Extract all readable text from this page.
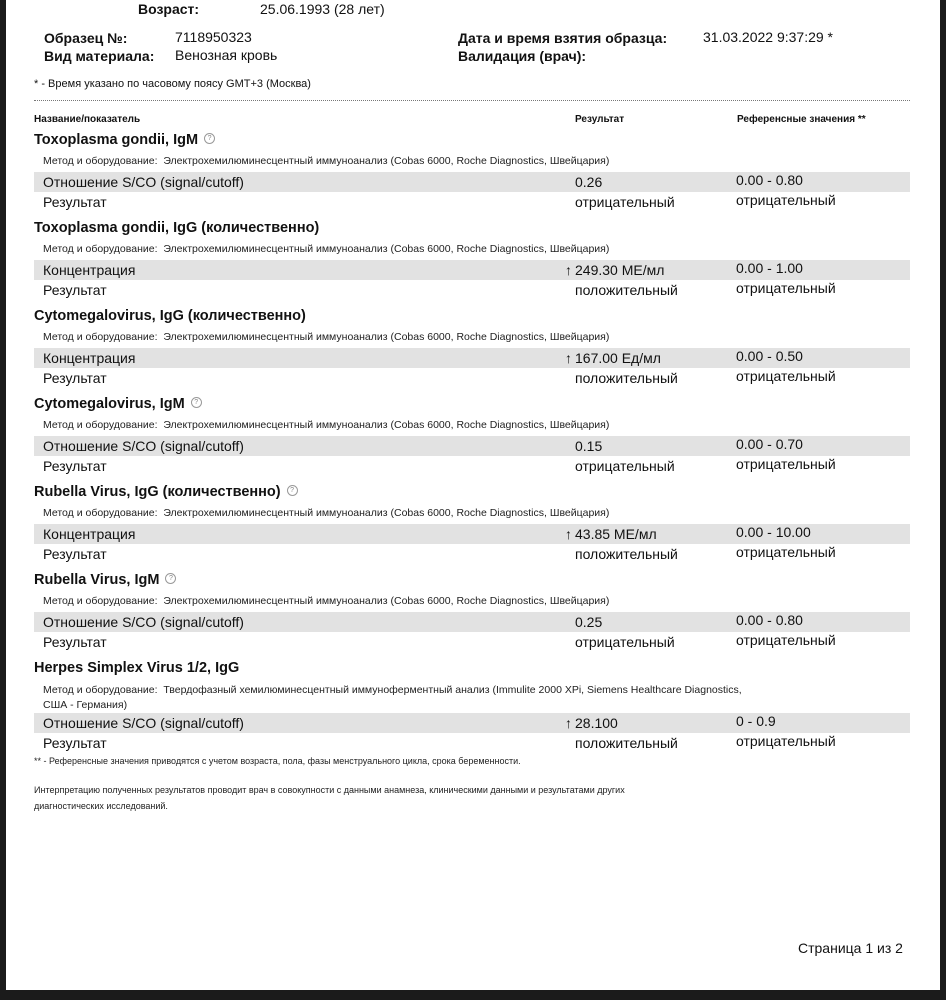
Возраст:	25.06.1993 (28 лет)
Образец №:	7118950323
Вид материала: Венозная кровь
Дата и время взятия образца:	31.03.2022 9:37:29 *
Валидация (врач):
* - Время указано по часовому поясу GMT+3 (Москва)
Название/показатель	Результат	Референсные значения **
Toxoplasma gondii, IgM ?
Метод и оборудование: Электрохемилюминесцентный иммуноанализ (Cobas 6000, Roche Diagnostics, Швейцария)
Отношение S/CO (signal/cutoff)	0.26	0.00 - 0.80
Результат	отрицательный	отрицательный
Toxoplasma gondii, IgG (количественно)
Метод и оборудование: Электрохемилюминесцентный иммуноанализ (Cobas 6000, Roche Diagnostics, Швейцария)
Концентрация	↑ 249.30 МЕ/мл	0.00 - 1.00
Результат	положительный	отрицательный
Cytomegalovirus, IgG (количественно)
Метод и оборудование: Электрохемилюминесцентный иммуноанализ (Cobas 6000, Roche Diagnostics, Швейцария)
Концентрация	↑ 167.00 Ед/мл	0.00 - 0.50
Результат	положительный	отрицательный
Cytomegalovirus, IgM ?
Метод и оборудование: Электрохемилюминесцентный иммуноанализ (Cobas 6000, Roche Diagnostics, Швейцария)
Отношение S/CO (signal/cutoff)	0.15	0.00 - 0.70
Результат	отрицательный	отрицательный
Rubella Virus, IgG (количественно) ?
Метод и оборудование: Электрохемилюминесцентный иммуноанализ (Cobas 6000, Roche Diagnostics, Швейцария)
Концентрация	↑ 43.85 МЕ/мл	0.00 - 10.00
Результат	положительный	отрицательный
Rubella Virus, IgM ?
Метод и оборудование: Электрохемилюминесцентный иммуноанализ (Cobas 6000, Roche Diagnostics, Швейцария)
Отношение S/CO (signal/cutoff)	0.25	0.00 - 0.80
Результат	отрицательный	отрицательный
Herpes Simplex Virus 1/2, IgG
Метод и оборудование: Твердофазный хемилюминесцентный иммуноферментный анализ (Immulite 2000 XPi, Siemens Healthcare Diagnostics,
США - Германия)
Отношение S/CO (signal/cutoff)	↑ 28.100	0 - 0.9
Результат	положительный	отрицательный
** - Референсные значения приводятся с учетом возраста, пола, фазы менструального цикла, срока беременности.
Интерпретацию полученных результатов проводит врач в совокупности с данными анамнеза, клиническими данными и результатами других
диагностических исследований.
Страница 1 из 2
